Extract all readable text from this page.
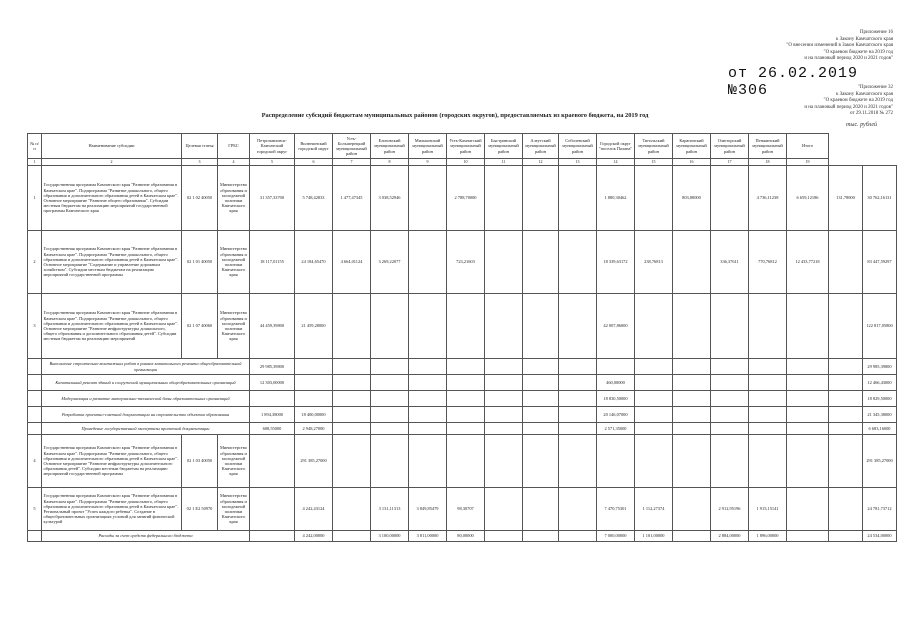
Приложение 16
к Закону Камчатского края
"О внесении изменений в Закон Камчатского края
"О краевом бюджете на 2019 год
и на плановый период 2020 и 2021 годов"
от 26.02.2019 №306	"Приложение 32
к Закону Камчатского края
"О краевом бюджете на 2019 год
и на плановый период 2020 и 2021 годов"
от 29.11.2018 № 272
тыс. рублей
Распределение субсидий бюджетам муниципальных районов (городских округов), предоставляемых из краевого бюджета, на 2019 год
№ п/п	Наименование субсидии	Целевая статья	ГРБС	Петропавловск-Камчатский городской округ	Вилючинский городской округ	Усть-Большерецкий муниципальный район	Елизовский муниципальный район	Мильковский муниципальный район	Усть-Камчатский муниципальный район	Быстринский муниципальный район	Алеутский муниципальный район	Соболевский муниципальный район	Городской округ "поселок Палана"	Тигильский муниципальный район	Карагинский муниципальный район	Олюторский муниципальный район	Пенжинский муниципальный район	Итого		
1	2	3	4	5	6	7	8	9	10	11	12	13	14	15	16	17	18	19		
1	Государственная программа Камчатского края "Развитие образования в Камчатском крае". Подпрограмма "Развитие дошкольного, общего образования и дополнительного образования детей в Камчатском крае". Основное мероприятие "Развитие общего образования". Субсидии местным бюджетам на реализацию мероприятий государственной программы Камчатского края	02 1 02 40050	Министерство образования и молодежной политики Камчатского края	31 357,33700	5 748,42833	1 477,47345	3 038,52946		2 788,70000				1 880,30462		803,80000		4 736,11238	6 659,12186	131,78000	30 762,16131
2	Государственная программа Камчатского края "Развитие образования в Камчатском крае". Подпрограмма "Развитие дошкольного, общего образования и дополнительного образования детей в Камчатском крае". Основное мероприятие "Содержание и управление дорожным хозяйством". Субсидии местным бюджетам на реализацию мероприятий государственной программы	02 1 01 40050	Министерство образования и молодежной политики Камчатского края	18 117,01155	24 184,65470	4 664,01124	3 269,22077		723,21603				18 339,63172	238,76813		336,37611	770,76812	12 433,77218		83 447,59297
3	Государственная программа Камчатского края "Развитие образования в Камчатском крае". Подпрограмма "Развитие дошкольного, общего образования и дополнительного образования детей в Камчатском крае". Основное мероприятие "Развитие инфраструктуры дошкольного, общего образования и дополнительного образования детей". Субсидии местным бюджетам на реализацию мероприятий	02 1 07 40060	Министерство образования и молодежной политики Камчатского края	44 459,39800	21 459,28000								42 007,86000							122 817,05800
	Выполнение строительно-монтажных работ в рамках капитального ремонта общеобразовательной организации			29 985,39800																29 985,39800
	Капитальный ремонт зданий и сооружений муниципальных общеобразовательных организаций			12 303,00000									460,00000							12 466,43000
	Модернизация и развитие материально-технической базы образовательных организаций												18 830,50000							18 829,50000
	Разработка проектно-сметной документации на строительство объектов образования			1 894,38000	18 400,00000								20 146,07000							21 345,38000
	Проведение государственной экспертизы проектной документации			608,55000	2 948,27000								2 571,35000							6 683,16000
4	Государственная программа Камчатского края "Развитие образования в Камчатском крае". Подпрограмма "Развитие дошкольного, общего образования и дополнительного образования детей в Камчатском крае". Основное мероприятие "Развитие инфраструктуры дополнительного образования детей". Субсидии местным бюджетам на реализацию мероприятий государственной программы	02 1 03 40050	Министерство образования и молодежной политики Камчатского края		291 385,27000															291 385,27000
5	Государственная программа Камчатского края "Развитие образования в Камчатском крае". Подпрограмма "Развитие дошкольного, общего образования и дополнительного образования детей в Камчатском крае". Региональный проект "Успех каждого ребенка". Создание в общеобразовательных организациях условий для занятий физической культурой	02 1 E2 50970	Министерство образования и молодежной политики Камчатского края		4 242,43124		3 131,11313	3 849,85479	98,30707				7 470,75301	1 112,27374		2 912,95196	1 915,15141			24 781,73712
	Расходы за счет средств федерального бюджета				4 242,00000		3 100,00000	3 811,00000	80,00000				7 000,00000	1 101,00000		2 884,00000	1 896,00000			24 534,00000
